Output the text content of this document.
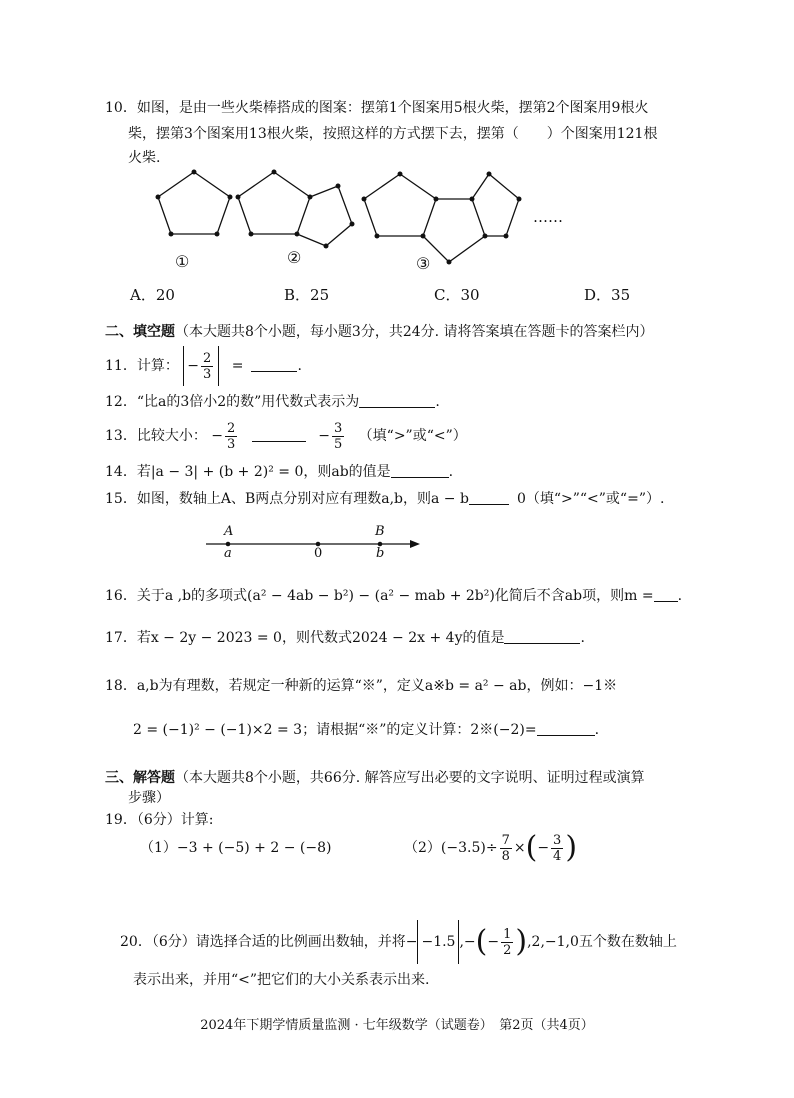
10．如图，是由一些火柴棒搭成的图案：摆第1个图案用5根火柴，摆第2个图案用9根火
柴，摆第3个图案用13根火柴，按照这样的方式摆下去，摆第（　　）个图案用121根
火柴.
……
①	②	③
A．20	B．25	C．30	D．35
二、填空题（本大题共8个小题，每小题3分，共24分. 请将答案填在答题卡的答案栏内）
11．计算： − $\frac{2}{3}$ =	.
12．“比a的3倍小2的数”用代数式表示为	.
13．比较大小： − $\frac{2}{3}$	− $\frac{3}{5}$ （填“>”或“<”）
14．若|a − 3| + (b + 2)² = 0，则ab的值是	.
15．如图，数轴上A、B两点分别对应有理数a,b，则a − b	0（填“>”“<”或“=”）.
A
a	0
B
b
16．关于a ,b的多项式(a² − 4ab − b²) − (a² − mab + 2b²)化简后不含ab项，则m = .
17．若x − 2y − 2023 = 0，则代数式2024 − 2x + 4y的值是	.
18．a,b为有理数，若规定一种新的运算“※”，定义a※b = a² − ab，例如：−1※
2 = (−1)² − (−1)×2 = 3；请根据“※”的定义计算：2※(−2)=	.
三、解答题（本大题共8个小题，共66分. 解答应写出必要的文字说明、证明过程或演算
步骤）
19．（6分）计算:
（1）−3 + (−5) + 2 − (−8)	$(2)(-3.5)\div \frac{7}{8}$ ×(− $\frac{3}{4}$ )
20．（6分）请选择合适的比例画出数轴，并将− −1.5 ,−(− $\frac{1}{2} ),2,-1,0$五个数在数轴上
表示出来，并用“<”把它们的大小关系表示出来.
2024年下期学情质量监测 · 七年级数学（试题卷）　第2页（共4页）
